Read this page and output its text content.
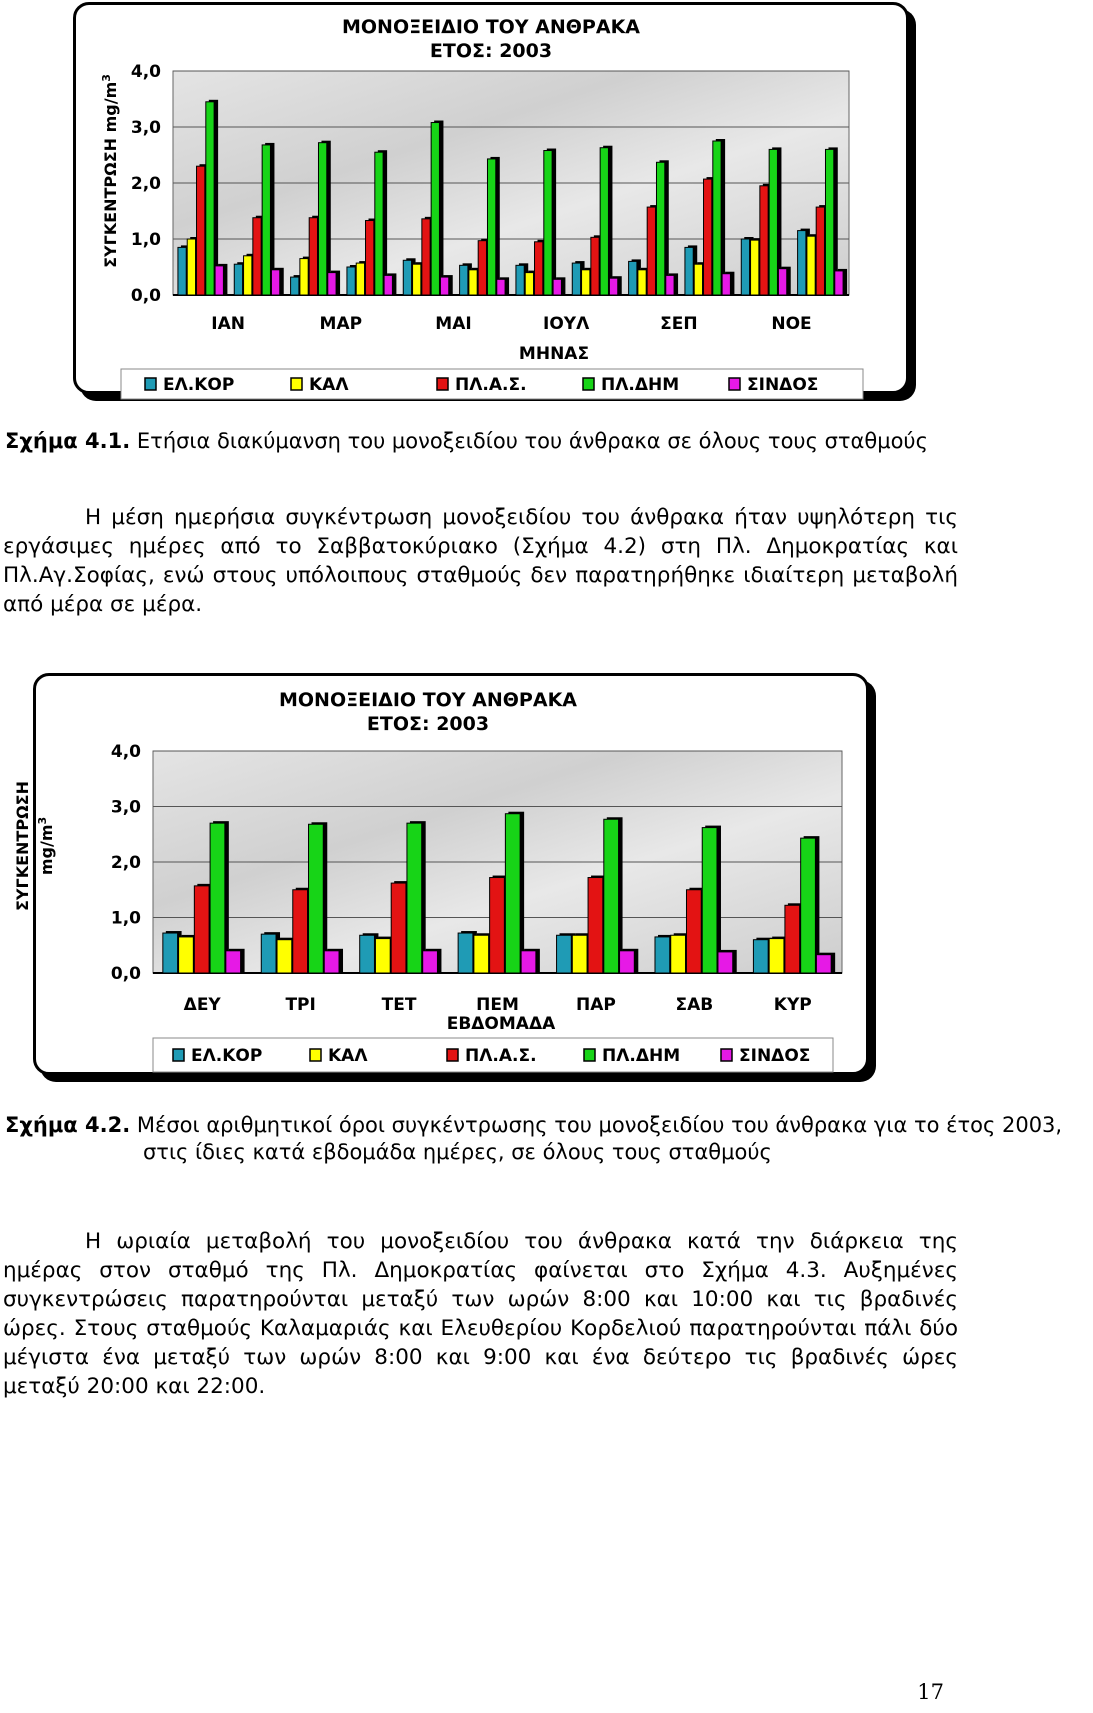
ΜΟΝΟΞΕΙΔΙΟ ΤΟΥ ΑΝΘΡΑΚΑ
ΕΤΟΣ: 2003
0,0
1,0
2,0
3,0
4,0
ΙΑΝ	ΜΑΡ	ΜΑΙ	ΙΟΥΛ	ΣΕΠ	ΝΟΕ
ΜΗΝΑΣ
ΣΥΓΚΕΝΤΡΩΣΗ $mg/m^3$
ΕΛ.ΚΟΡ	ΚΑΛ	ΠΛ.Α.Σ.	ΠΛ.ΔΗΜ	ΣΙΝΔΟΣ
Σχήμα 4.1. Ετήσια διακύμανση του μονοξειδίου του άνθρακα σε όλους τους σταθμούς
Η μέση ημερήσια συγκέντρωση μονοξειδίου του άνθρακα ήταν υψηλότερη τις εργάσιμες ημέρες από το Σαββατοκύριακο (Σχήμα 4.2) στη Πλ. Δημοκρατίας και Πλ.Αγ.Σοφίας, ενώ στους υπόλοιπους σταθμούς δεν παρατηρήθηκε ιδιαίτερη μεταβολή από μέρα σε μέρα.
ΜΟΝΟΞΕΙΔΙΟ ΤΟΥ ΑΝΘΡΑΚΑ
ΕΤΟΣ: 2003
0,0
1,0
2,0
3,0
4,0
ΔΕΥ	ΤΡΙ	ΤΕΤ	ΠΕΜ	ΠΑΡ	ΣΑΒ	ΚΥΡ
ΕΒΔΟΜΑΔΑ
ΣΥΓΚΕΝΤΡΩΣΗ $mg/m^3$
ΕΛ.ΚΟΡ	ΚΑΛ	ΠΛ.Α.Σ.	ΠΛ.ΔΗΜ	ΣΙΝΔΟΣ
Σχήμα 4.2. Μέσοι αριθμητικοί όροι συγκέντρωσης του μονοξειδίου του άνθρακα για το έτος 2003, στις ίδιες κατά εβδομάδα ημέρες, σε όλους τους σταθμούς
Η ωριαία μεταβολή του μονοξειδίου του άνθρακα κατά την διάρκεια της ημέρας στον σταθμό της Πλ. Δημοκρατίας φαίνεται στο Σχήμα 4.3. Αυξημένες συγκεντρώσεις παρατηρούνται μεταξύ των ωρών 8:00 και 10:00 και τις βραδινές ώρες. Στους σταθμούς Καλαμαριάς και Ελευθερίου Κορδελιού παρατηρούνται πάλι δύο μέγιστα ένα μεταξύ των ωρών 8:00 και 9:00 και ένα δεύτερο τις βραδινές ώρες μεταξύ 20:00 και 22:00.
17
